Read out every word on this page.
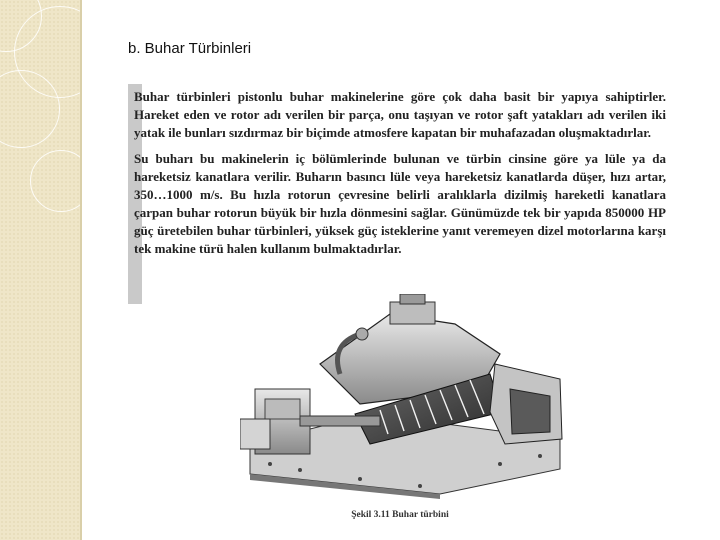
b. Buhar Türbinleri

Buhar türbinleri pistonlu buhar makinelerine göre çok daha basit bir yapıya sahiptirler. Hareket eden ve rotor adı verilen bir parça, onu taşıyan ve rotor şaft yatakları adı verilen iki yatak ile bunları sızdırmaz bir biçimde atmosfere kapatan bir muhafazadan oluşmaktadırlar.

Su buharı bu makinelerin iç bölümlerinde bulunan ve türbin cinsine göre ya lüle ya da hareketsiz kanatlara verilir. Buharın basıncı lüle veya hareketsiz kanatlarda düşer, hızı artar, 350…1000 m/s. Bu hızla rotorun çevresine belirli aralıklarla dizilmiş hareketli kanatlara çarpan buhar rotorun büyük bir hızla dönmesini sağlar. Günümüzde tek bir yapıda 850000 HP güç üretebilen buhar türbinleri, yüksek güç isteklerine yanıt veremeyen dizel motorlarına karşı tek makine türü halen kullanım bulmaktadırlar.

Şekil 3.11 Buhar türbini
